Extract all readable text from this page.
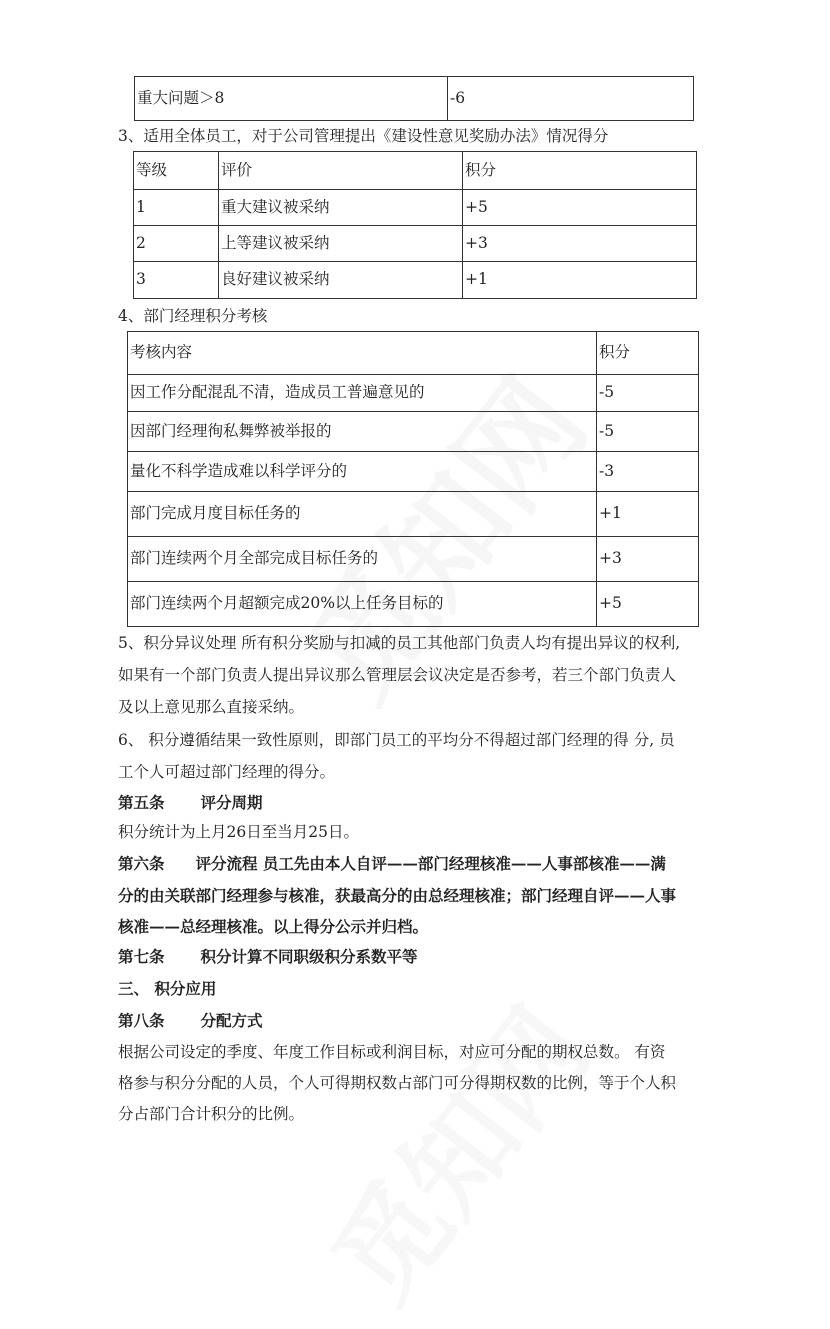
重大问题＞8	-6
3、适用全体员工，对于公司管理提出《建设性意见奖励办法》情况得分
等级	评价	积分
1	重大建议被采纳	+5
2	上等建议被采纳	+3
3	良好建议被采纳	+1
4、部门经理积分考核
考核内容	积分
因工作分配混乱不清，造成员工普遍意见的	-5
因部门经理徇私舞弊被举报的	-5
量化不科学造成难以科学评分的	-3
部门完成月度目标任务的	+1
部门连续两个月全部完成目标任务的	+3
部门连续两个月超额完成20%以上任务目标的	+5
5、积分异议处理 所有积分奖励与扣减的员工其他部门负责人均有提出异议的权利,
如果有一个部门负责人提出异议那么管理层会议决定是否参考，若三个部门负责人
及以上意见那么直接采纳。
6、 积分遵循结果一致性原则，即部门员工的平均分不得超过部门经理的得 分, 员
工个人可超过部门经理的得分。
第五条 评分周期
积分统计为上月26日至当月25日。
第六条　　评分流程 员工先由本人自评——部门经理核准——人事部核准——满
分的由关联部门经理参与核准，获最高分的由总经理核准；部门经理自评——人事
核准——总经理核准。以上得分公示并归档。
第七条 积分计算不同职级积分系数平等
三、 积分应用
第八条 分配方式
根据公司设定的季度、年度工作目标或利润目标，对应可分配的期权总数。 有资
格参与积分分配的人员，个人可得期权数占部门可分得期权数的比例，等于个人积
分占部门合计积分的比例。
